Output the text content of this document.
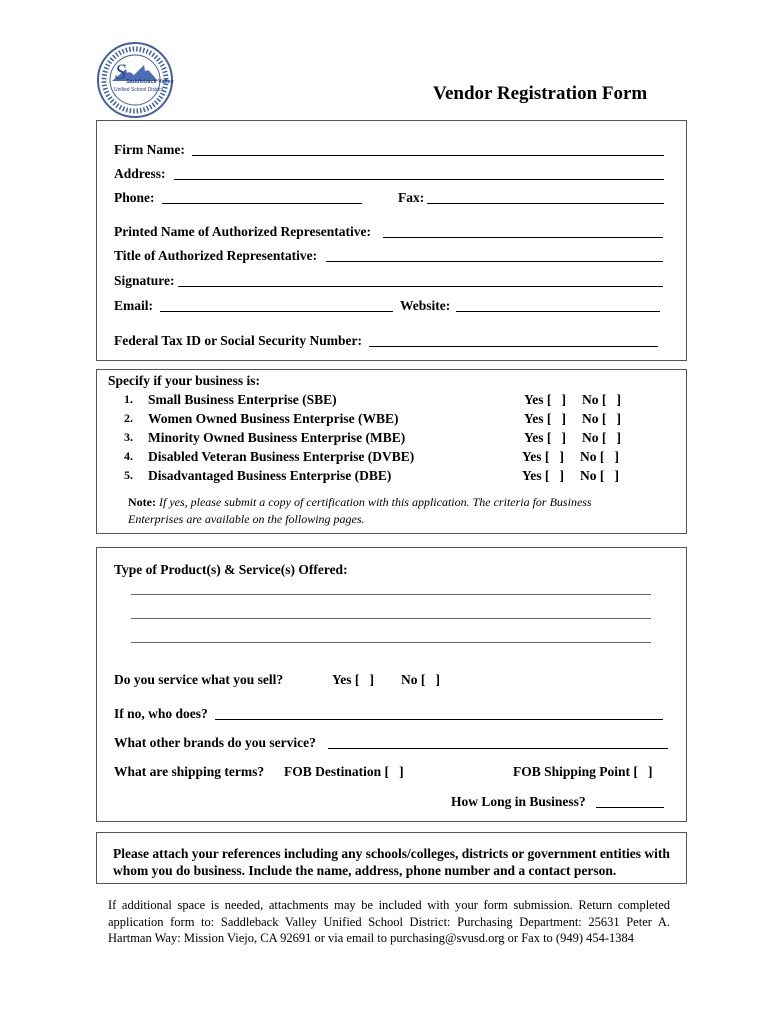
S Saddleback Valley
Unified School District	Vendor Registration Form
Firm Name:
Address:
Phone:	Fax:
Printed Name of Authorized Representative:
Title of Authorized Representative:
Signature:
Email:	Website:
Federal Tax ID or Social Security Number:
Specify if your business is:
1. Small Business Enterprise (SBE)	Yes [   ] No [   ]
2. Women Owned Business Enterprise (WBE)	Yes [   ] No [   ]
3. Minority Owned Business Enterprise (MBE)	Yes [   ] No [   ]
4. Disabled Veteran Business Enterprise (DVBE)	Yes [   ] No [   ]
5. Disadvantaged Business Enterprise (DBE)	Yes [   ] No [   ]
Note: If yes, please submit a copy of certification with this application. The criteria for Business Enterprises are available on the following pages.
Type of Product(s) & Service(s) Offered:
Do you service what you sell?	Yes [   ] No [   ]
If no, who does?
What other brands do you service?
What are shipping terms? FOB Destination [   ]	FOB Shipping Point [   ]
How Long in Business?
Please attach your references including any schools/colleges, districts or government entities with whom you do business. Include the name, address, phone number and a contact person.
If additional space is needed, attachments may be included with your form submission. Return completed application form to: Saddleback Valley Unified School District: Purchasing Department: 25631 Peter A. Hartman Way: Mission Viejo, CA 92691 or via email to purchasing@svusd.org or Fax to (949) 454-1384
